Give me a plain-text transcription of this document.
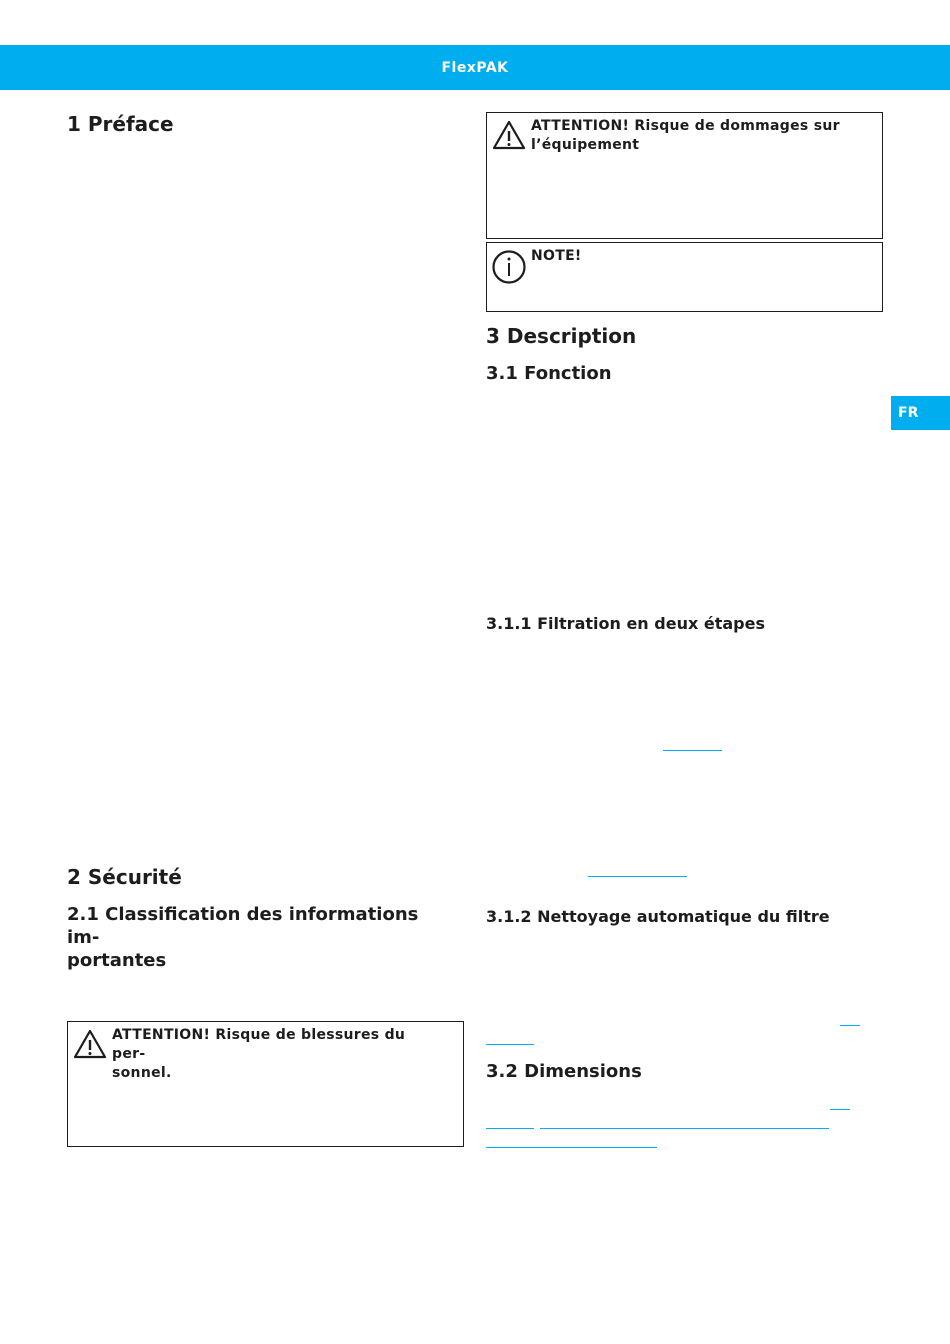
FlexPAK
FR
1 Préface
2 Sécurité
2.1 Classification des informations im-
portantes
ATTENTION! Risque de blessures du per-
sonnel.
ATTENTION! Risque de dommages sur
l’équipement
NOTE!
3 Description
3.1 Fonction
3.1.1 Filtration en deux étapes
3.1.2 Nettoyage automatique du filtre
3.2 Dimensions
